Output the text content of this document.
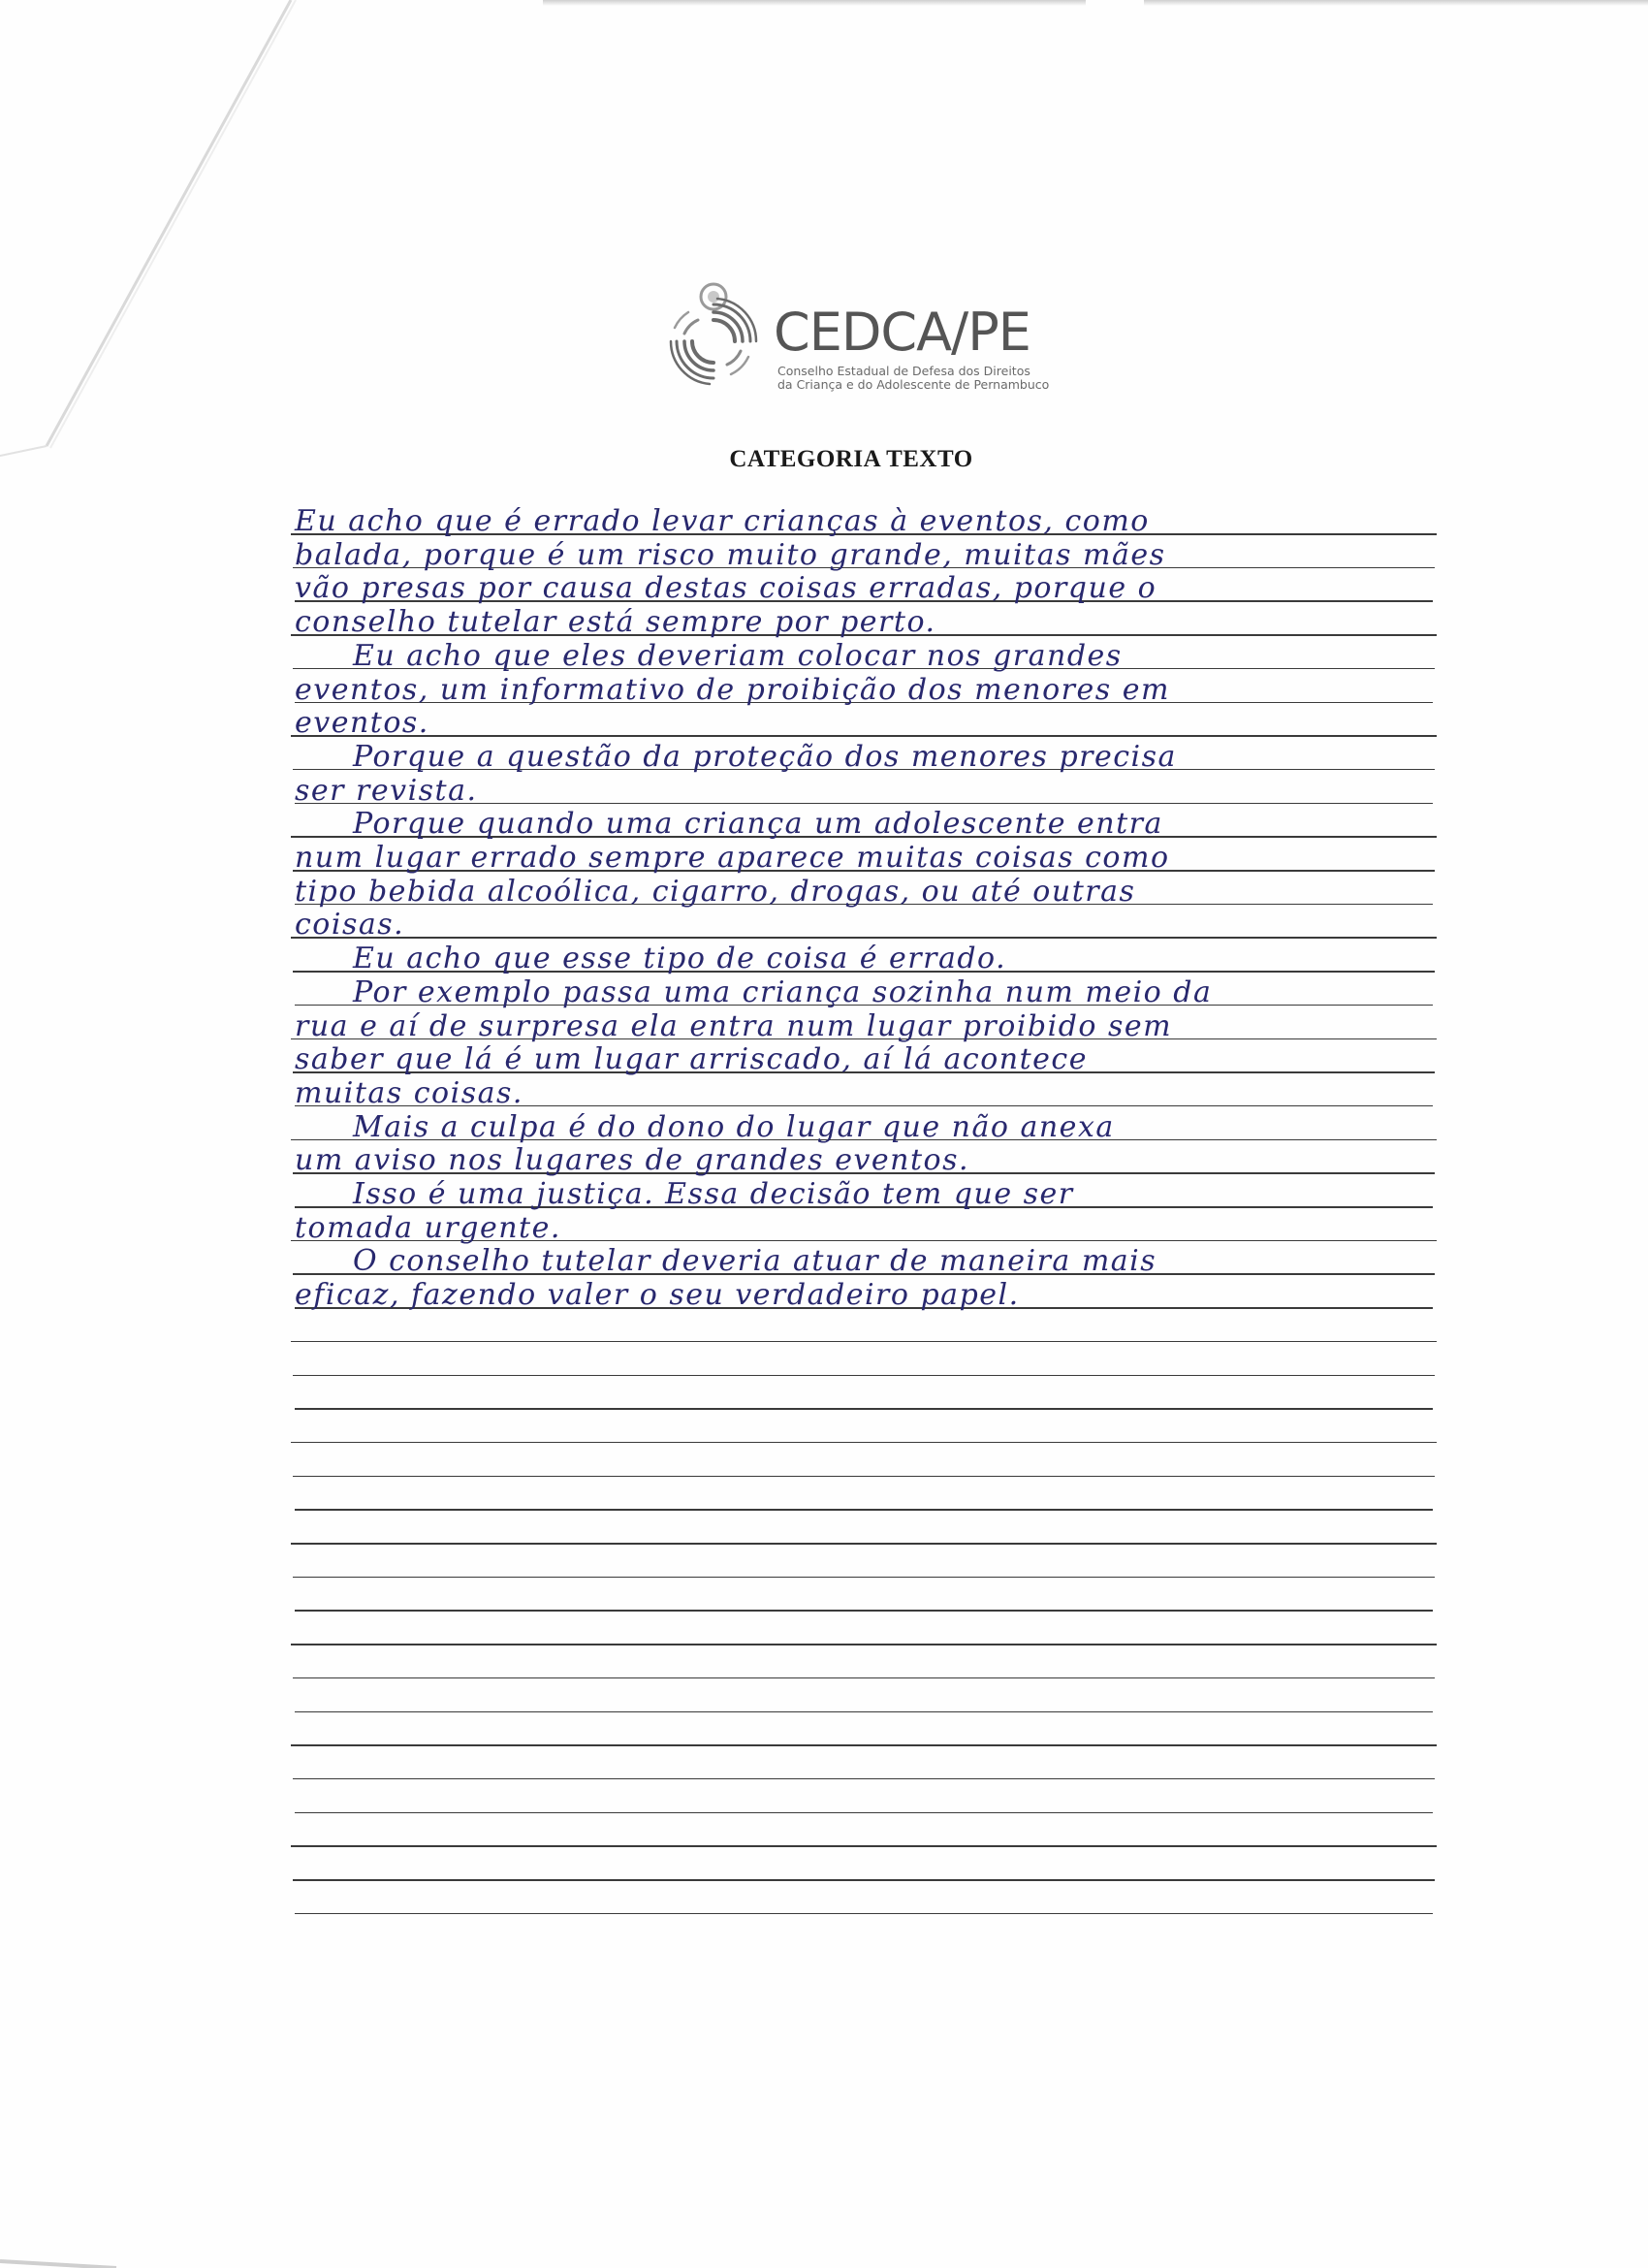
CEDCA/PE
Conselho Estadual de Defesa dos Direitos
da Criança e do Adolescente de Pernambuco
CATEGORIA TEXTO
Eu acho que é errado levar crianças à eventos, como
balada, porque é um risco muito grande, muitas mães
vão presas por causa destas coisas erradas, porque o
conselho tutelar está sempre por perto.
Eu acho que eles deveriam colocar nos grandes
eventos, um informativo de proibição dos menores em
eventos.
Porque a questão da proteção dos menores precisa
ser revista.
Porque quando uma criança um adolescente entra
num lugar errado sempre aparece muitas coisas como
tipo bebida alcoólica, cigarro, drogas, ou até outras
coisas.
Eu acho que esse tipo de coisa é errado.
Por exemplo passa uma criança sozinha num meio da
rua e aí de surpresa ela entra num lugar proibido sem
saber que lá é um lugar arriscado, aí lá acontece
muitas coisas.
Mais a culpa é do dono do lugar que não anexa
um aviso nos lugares de grandes eventos.
Isso é uma justiça. Essa decisão tem que ser
tomada urgente.
O conselho tutelar deveria atuar de maneira mais
eficaz, fazendo valer o seu verdadeiro papel.
